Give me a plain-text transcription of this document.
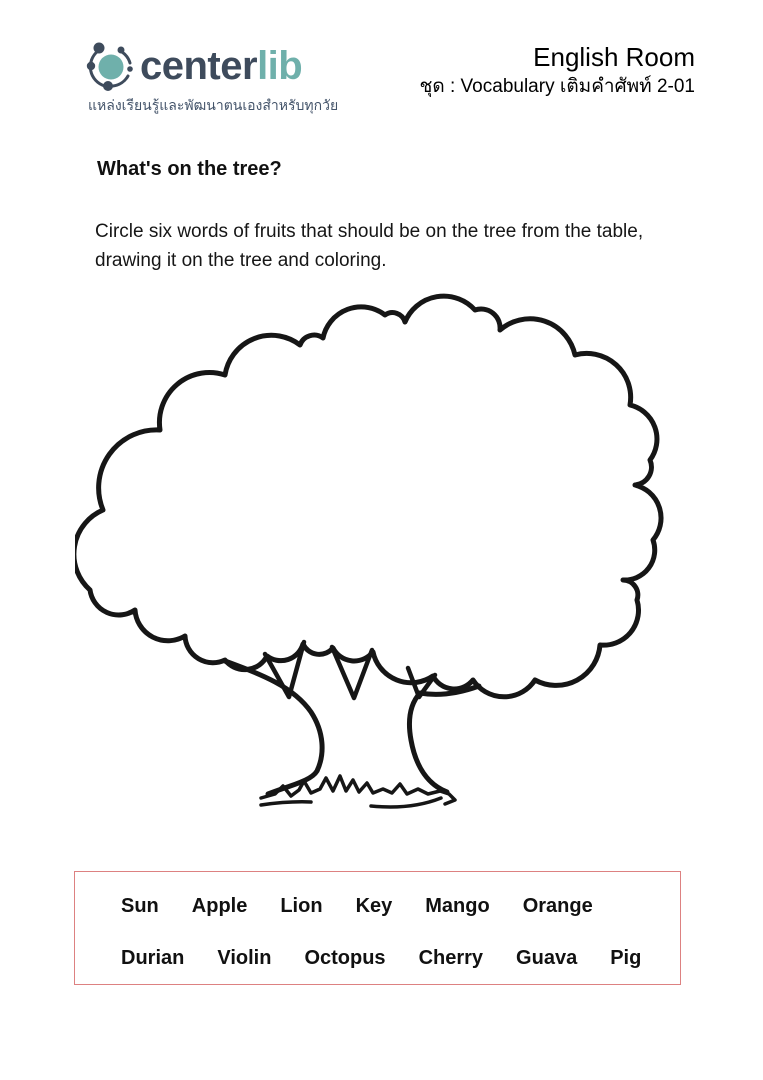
centerlib
แหล่งเรียนรู้และพัฒนาตนเองสำหรับทุกวัย
English Room
ชุด : Vocabulary เติมคำศัพท์ 2-01
What's on the tree?
Circle six words of fruits that should be on the tree from the table, drawing it on the tree and coloring.
Sun Apple Lion Key Mango Orange
Durian Violin Octopus Cherry Guava Pig
